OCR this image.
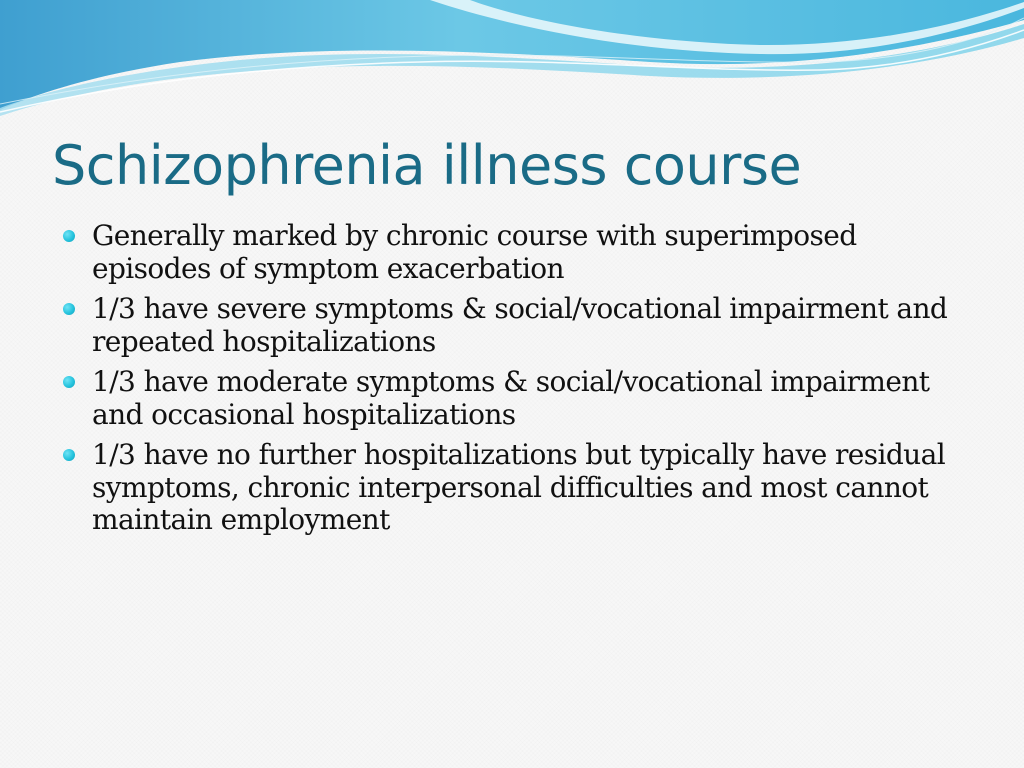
Schizophrenia illness course
Generally marked by chronic course with superimposed episodes of symptom exacerbation
1/3 have severe symptoms & social/vocational impairment and repeated hospitalizations
1/3 have moderate symptoms & social/vocational impairment and occasional hospitalizations
1/3 have no further hospitalizations but typically have residual symptoms, chronic interpersonal difficulties and most cannot maintain employment
